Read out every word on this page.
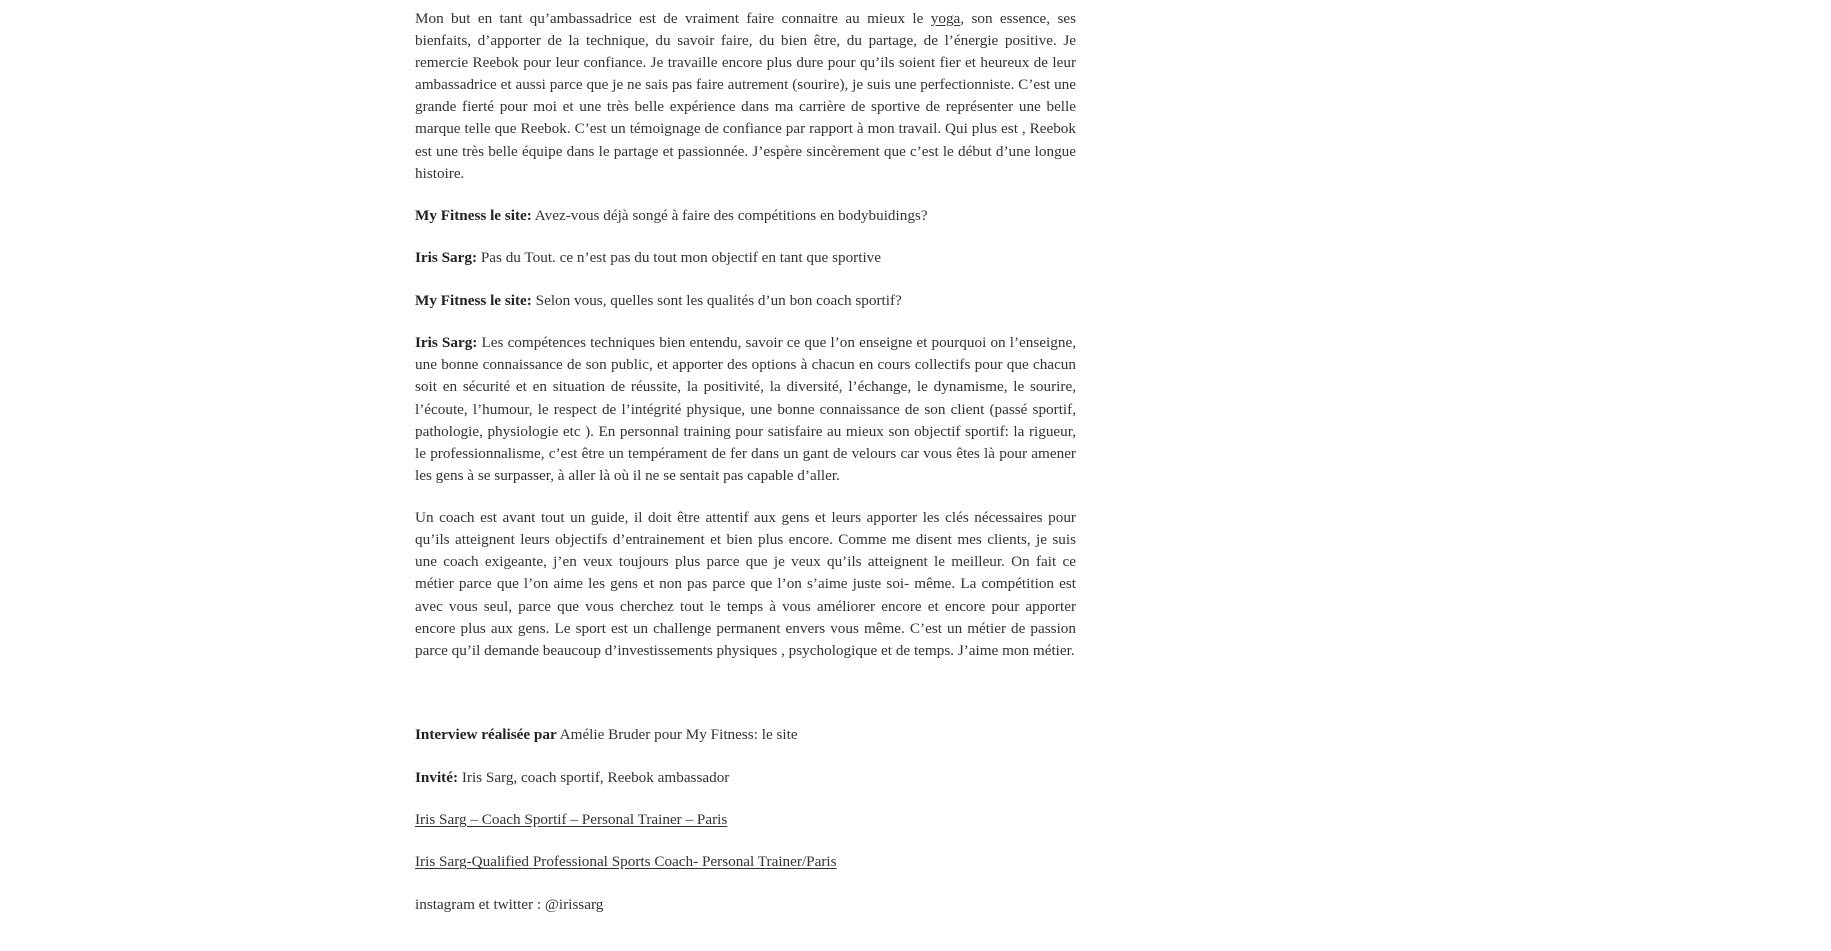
Mon but en tant qu’ambassadrice est de vraiment faire connaitre au mieux le yoga, son essence, ses bienfaits, d’apporter de la technique, du savoir faire, du bien être, du partage, de l’énergie positive. Je remercie Reebok pour leur confiance. Je travaille encore plus dure pour qu’ils soient fier et heureux de leur ambassadrice et aussi parce que je ne sais pas faire autrement (sourire), je suis une perfectionniste. C’est une grande fierté pour moi et une très belle expérience dans ma carrière de sportive de représenter une belle marque telle que Reebok. C’est un témoignage de confiance par rapport à mon travail. Qui plus est , Reebok est une très belle équipe dans le partage et passionnée. J’espère sincèrement que c’est le début d’une longue histoire.

My Fitness le site: Avez-vous déjà songé à faire des compétitions en bodybuidings?

Iris Sarg: Pas du Tout. ce n’est pas du tout mon objectif en tant que sportive

My Fitness le site: Selon vous, quelles sont les qualités d’un bon coach sportif?

Iris Sarg: Les compétences techniques bien entendu, savoir ce que l’on enseigne et pourquoi on l’enseigne, une bonne connaissance de son public, et apporter des options à chacun en cours collectifs pour que chacun soit en sécurité et en situation de réussite, la positivité, la diversité, l’échange, le dynamisme, le sourire, l’écoute, l’humour, le respect de l’intégrité physique, une bonne connaissance de son client (passé sportif, pathologie, physiologie etc ). En personnal training pour satisfaire au mieux son objectif sportif: la rigueur, le professionnalisme, c’est être un tempérament de fer dans un gant de velours car vous êtes là pour amener les gens à se surpasser, à aller là où il ne se sentait pas capable d’aller.

Un coach est avant tout un guide, il doit être attentif aux gens et leurs apporter les clés nécessaires pour qu’ils atteignent leurs objectifs d’entrainement et bien plus encore. Comme me disent mes clients, je suis une coach exigeante, j’en veux toujours plus parce que je veux qu’ils atteignent le meilleur. On fait ce métier parce que l’on aime les gens et non pas parce que l’on s’aime juste soi- même. La compétition est avec vous seul, parce que vous cherchez tout le temps à vous améliorer encore et encore pour apporter encore plus aux gens. Le sport est un challenge permanent envers vous même. C’est un métier de passion parce qu’il demande beaucoup d’investissements physiques , psychologique et de temps. J’aime mon métier.

Interview réalisée par Amélie Bruder pour My Fitness: le site

Invité: Iris Sarg, coach sportif, Reebok ambassador

Iris Sarg – Coach Sportif – Personal Trainer – Paris

Iris Sarg-Qualified Professional Sports Coach- Personal Trainer/Paris

instagram et twitter : @irissarg
